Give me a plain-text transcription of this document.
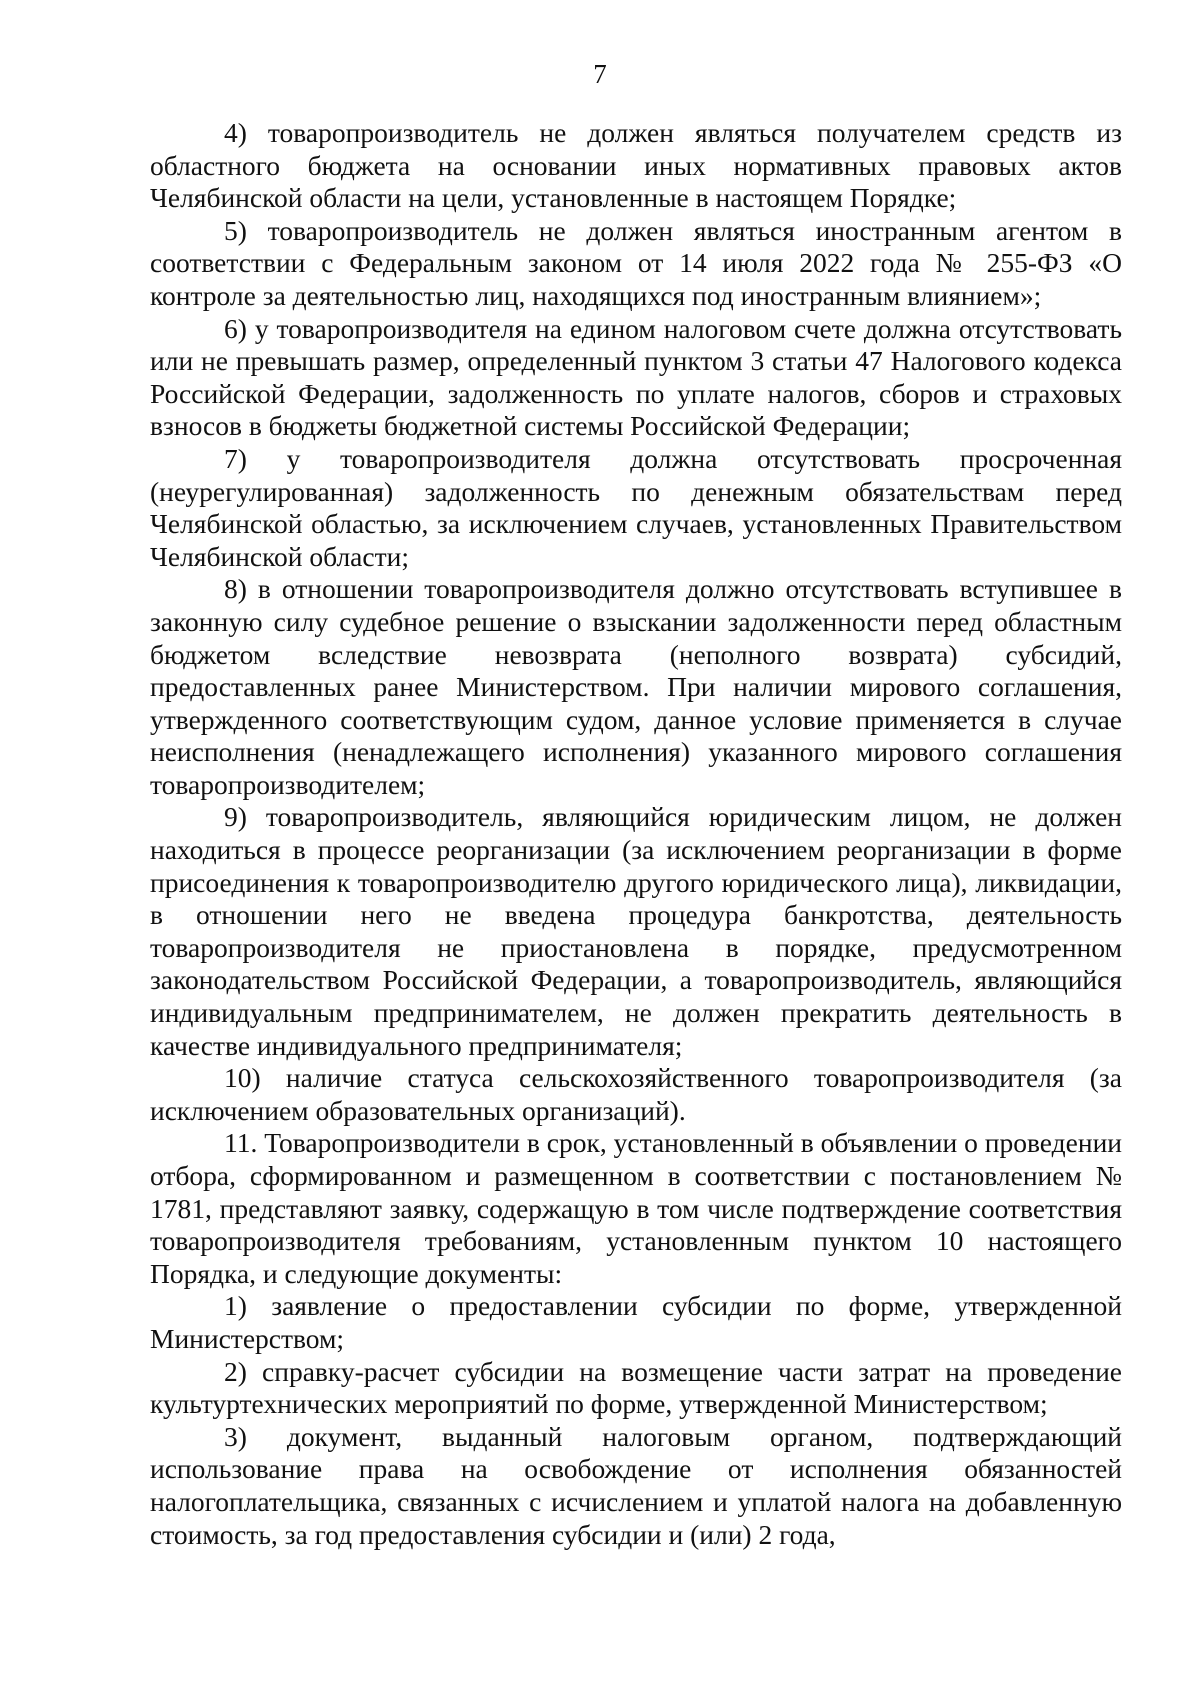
7

4) товаропроизводитель не должен являться получателем средств из областного бюджета на основании иных нормативных правовых актов Челябинской области на цели, установленные в настоящем Порядке;

5) товаропроизводитель не должен являться иностранным агентом в соответствии с Федеральным законом от 14 июля 2022 года № 255-ФЗ «О контроле за деятельностью лиц, находящихся под иностранным влиянием»;

6) у товаропроизводителя на едином налоговом счете должна отсутствовать или не превышать размер, определенный пунктом 3 статьи 47 Налогового кодекса Российской Федерации, задолженность по уплате налогов, сборов и страховых взносов в бюджеты бюджетной системы Российской Федерации;

7) у товаропроизводителя должна отсутствовать просроченная (неурегулированная) задолженность по денежным обязательствам перед Челябинской областью, за исключением случаев, установленных Правительством Челябинской области;

8) в отношении товаропроизводителя должно отсутствовать вступившее в законную силу судебное решение о взыскании задолженности перед областным бюджетом вследствие невозврата (неполного возврата) субсидий, предоставленных ранее Министерством. При наличии мирового соглашения, утвержденного соответствующим судом, данное условие применяется в случае неисполнения (ненадлежащего исполнения) указанного мирового соглашения товаропроизводителем;

9) товаропроизводитель, являющийся юридическим лицом, не должен находиться в процессе реорганизации (за исключением реорганизации в форме присоединения к товаропроизводителю другого юридического лица), ликвидации, в отношении него не введена процедура банкротства, деятельность товаропроизводителя не приостановлена в порядке, предусмотренном законодательством Российской Федерации, а товаропроизводитель, являющийся индивидуальным предпринимателем, не должен прекратить деятельность в качестве индивидуального предпринимателя;

10) наличие статуса сельскохозяйственного товаропроизводителя (за исключением образовательных организаций).

11. Товаропроизводители в срок, установленный в объявлении о проведении отбора, сформированном и размещенном в соответствии с постановлением № 1781, представляют заявку, содержащую в том числе подтверждение соответствия товаропроизводителя требованиям, установленным пунктом 10 настоящего Порядка, и следующие документы:

1) заявление о предоставлении субсидии по форме, утвержденной Министерством;

2) справку-расчет субсидии на возмещение части затрат на проведение культуртехнических мероприятий по форме, утвержденной Министерством;

3) документ, выданный налоговым органом, подтверждающий использование права на освобождение от исполнения обязанностей налогоплательщика, связанных с исчислением и уплатой налога на добавленную стоимость, за год предоставления субсидии и (или) 2 года,
